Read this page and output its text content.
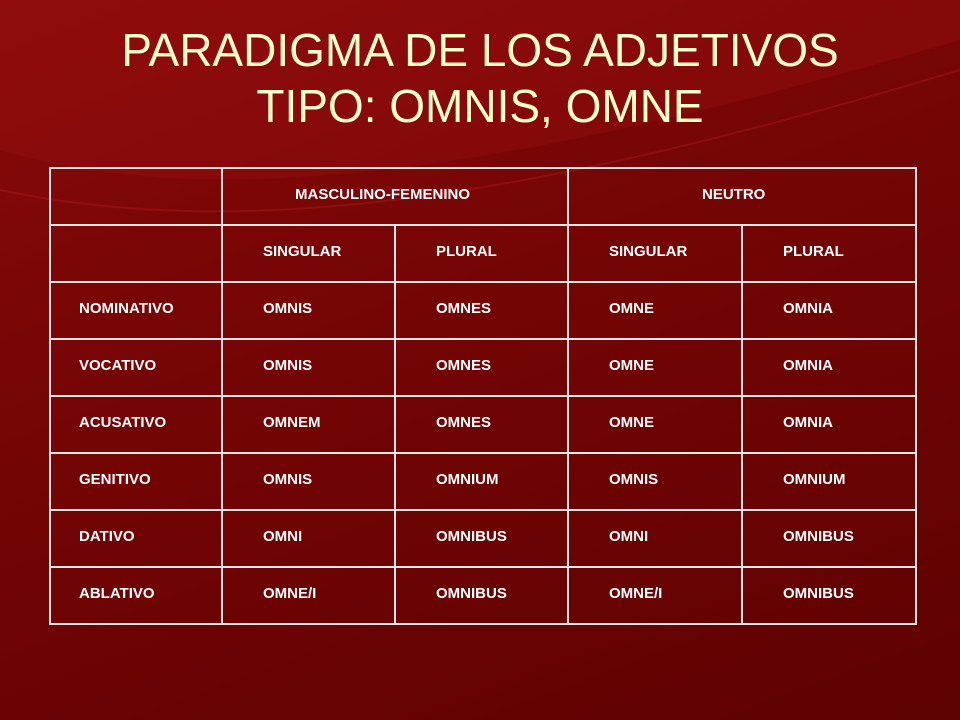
PARADIGMA DE LOS ADJETIVOS
TIPO: OMNIS, OMNE

	MASCULINO-FEMENINO		NEUTRO	

	SINGULAR	PLURAL	SINGULAR	PLURAL

NOMINATIVO	OMNIS	OMNES	OMNE	OMNIA

VOCATIVO	OMNIS	OMNES	OMNE	OMNIA

ACUSATIVO	OMNEM	OMNES	OMNE	OMNIA

GENITIVO	OMNIS	OMNIUM	OMNIS	OMNIUM

DATIVO	OMNI	OMNIBUS	OMNI	OMNIBUS

ABLATIVO	OMNE/I	OMNIBUS	OMNE/I	OMNIBUS
